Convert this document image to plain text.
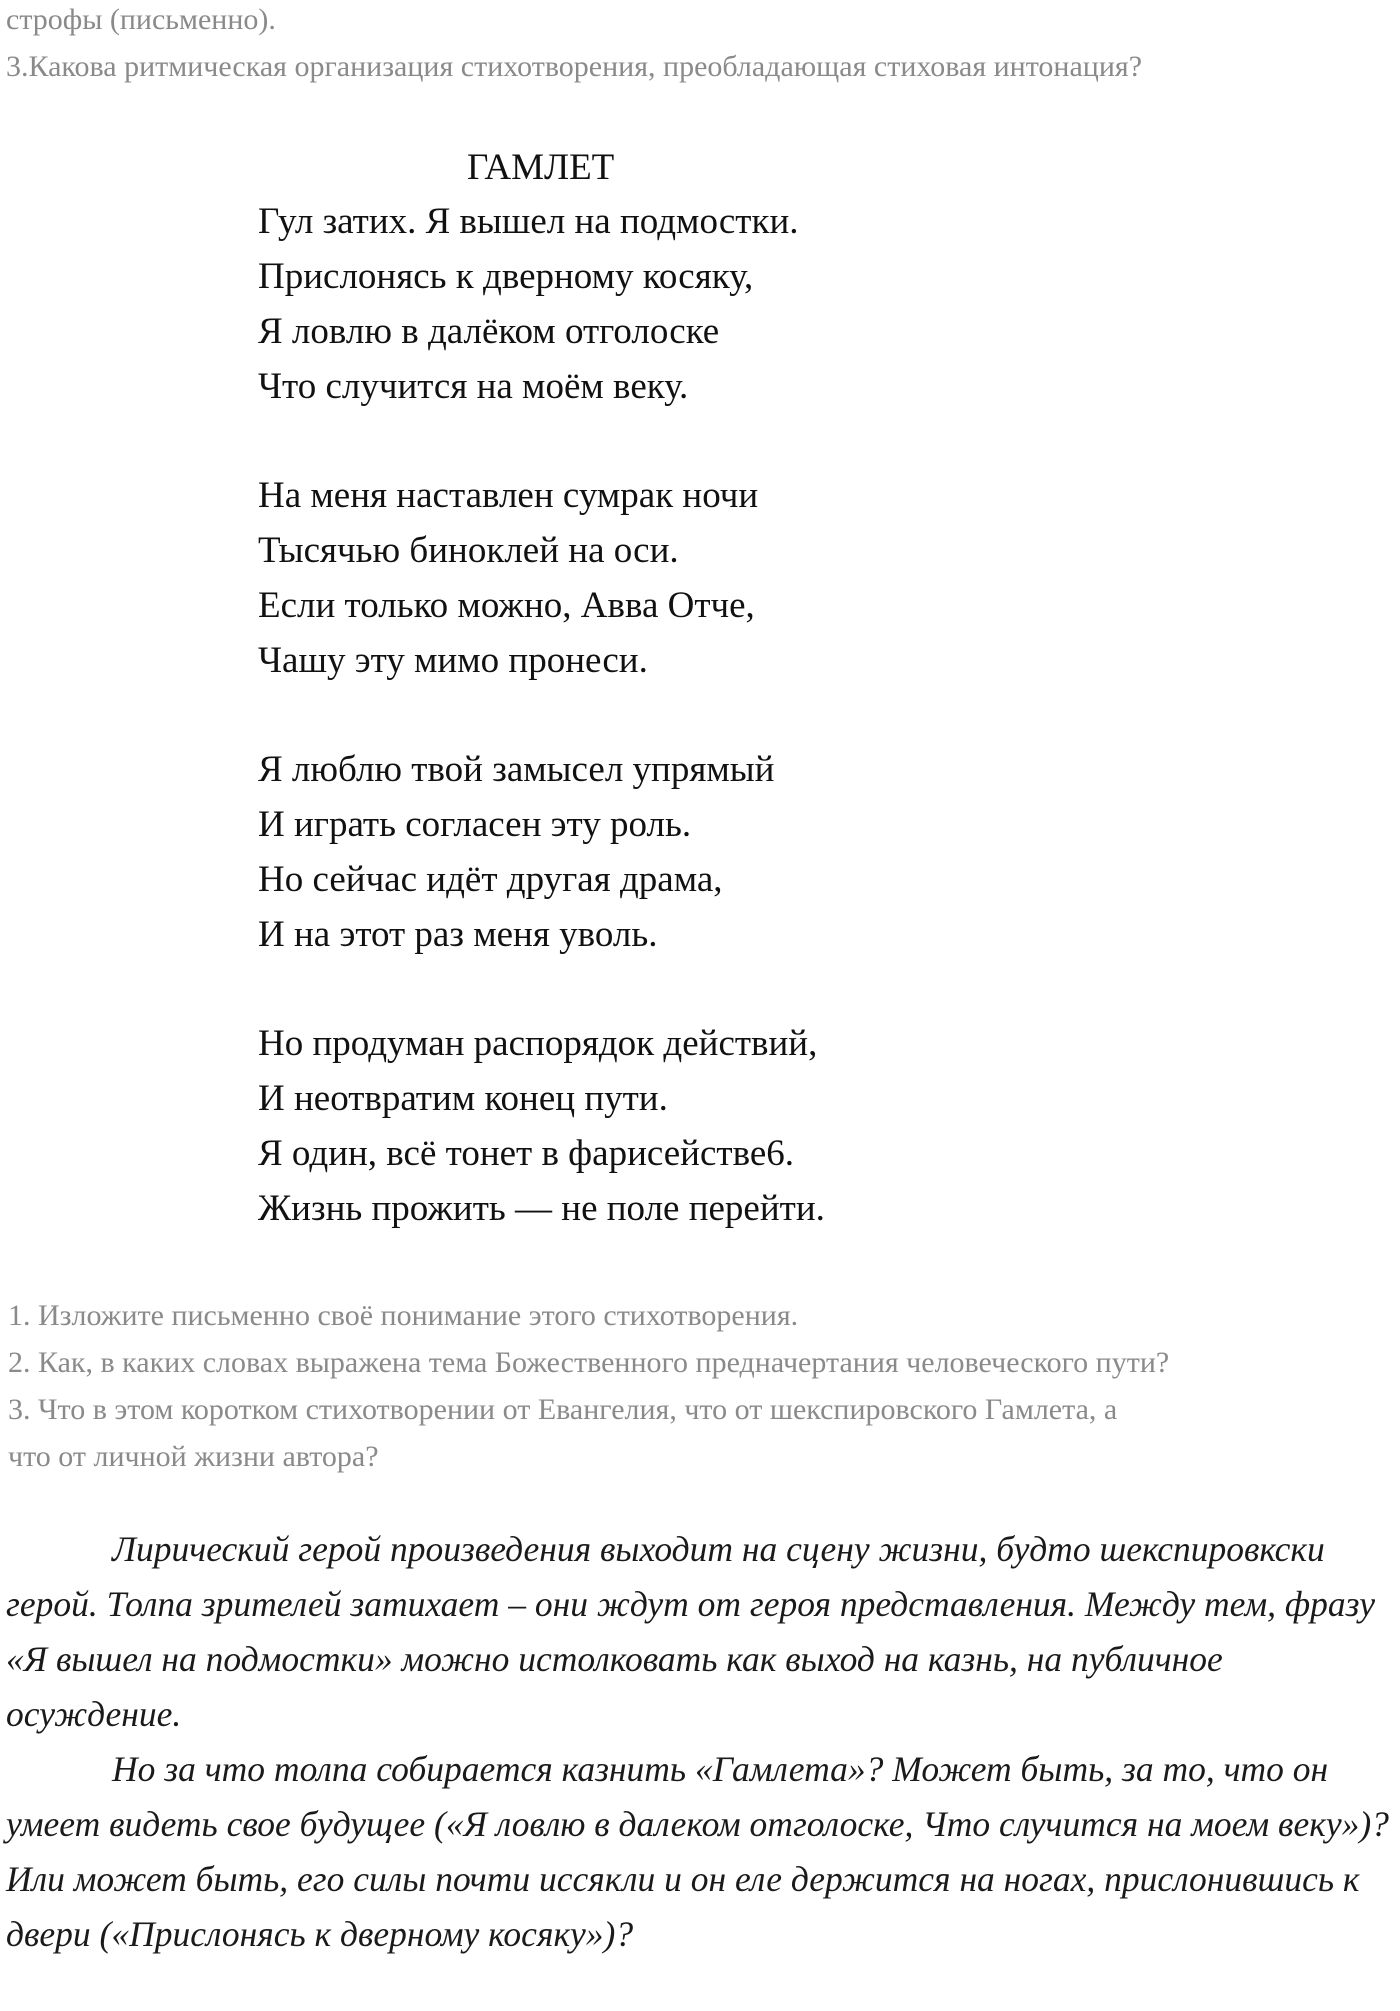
строфы (письменно).
3.Какова ритмическая организация стихотворения, преобладающая стиховая интонация?
ГАМЛЕТ
Гул затих. Я вышел на подмостки.
Прислонясь к дверному косяку,
Я ловлю в далёком отголоске
Что случится на моём веку.
На меня наставлен сумрак ночи
Тысячью биноклей на оси.
Если только можно, Авва Отче,
Чашу эту мимо пронеси.
Я люблю твой замысел упрямый
И играть согласен эту роль.
Но сейчас идёт другая драма,
И на этот раз меня уволь.
Но продуман распорядок действий,
И неотвратим конец пути.
Я один, всё тонет в фарисействе6.
Жизнь прожить — не поле перейти.
1. Изложите письменно своё понимание этого стихотворения.
2. Как, в каких словах выражена тема Божественного предначертания человеческого пути?
3. Что в этом коротком стихотворении от Евангелия, что от шекспировского Гамлета, а
что от личной жизни автора?

Лирический герой произведения выходит на сцену жизни, будто шекспировкски герой. Толпа зрителей затихает – они ждут от героя представления. Между тем, фразу «Я вышел на подмостки» можно истолковать как выход на казнь, на публичное осуждение.

Но за что толпа собирается казнить «Гамлета»? Может быть, за то, что он умеет видеть свое будущее («Я ловлю в далеком отголоске, Что случится на моем веку»)? Или может быть, его силы почти иссякли и он еле держится на ногах, прислонившись к двери («Прислонясь к дверному косяку»)?
